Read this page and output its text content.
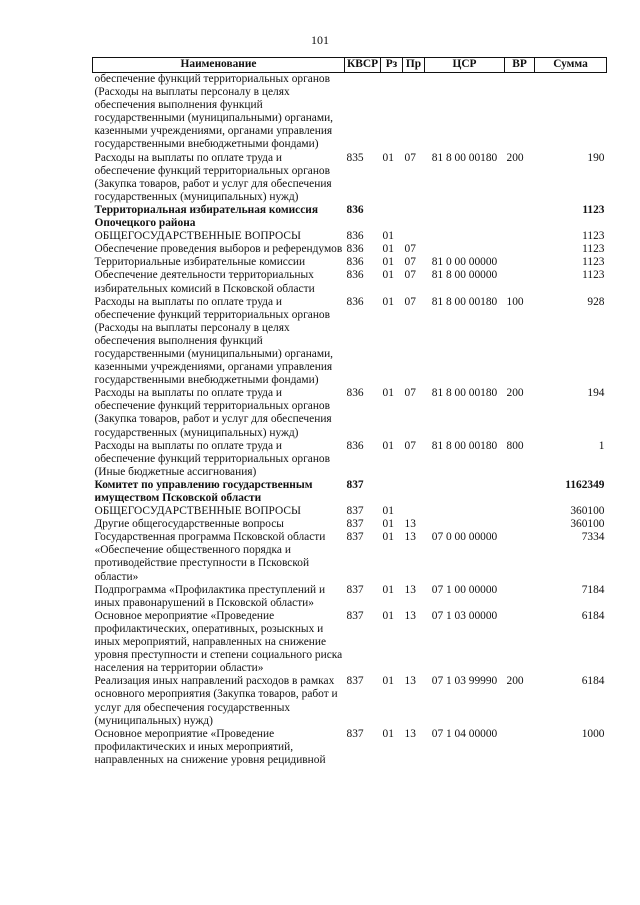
101
Наименование	КВСР	Рз	Пр	ЦСР	ВР	Сумма
обеспечение функций территориальных органов (Расходы на выплаты персоналу в целях обеспечения выполнения функций государственными (муниципальными) органами, казенными учреждениями, органами управления государственными внебюджетными фондами)						
Расходы на выплаты по оплате труда и обеспечение функций территориальных органов (Закупка товаров, работ и услуг для обеспечения государственных (муниципальных) нужд)	835	01	07	81 8 00 00180	200	190
Территориальная избирательная комиссия Опочецкого района	836					1123
ОБЩЕГОСУДАРСТВЕННЫЕ ВОПРОСЫ	836	01				1123
Обеспечение проведения выборов и референдумов	836	01	07			1123
Территориальные избирательные комиссии	836	01	07	81 0 00 00000		1123
Обеспечение деятельности территориальных избирательных комисий в Псковской области	836	01	07	81 8 00 00000		1123
Расходы на выплаты по оплате труда и обеспечение функций территориальных органов (Расходы на выплаты персоналу в целях обеспечения выполнения функций государственными (муниципальными) органами, казенными учреждениями, органами управления государственными внебюджетными фондами)	836	01	07	81 8 00 00180	100	928
Расходы на выплаты по оплате труда и обеспечение функций территориальных органов (Закупка товаров, работ и услуг для обеспечения государственных (муниципальных) нужд)	836	01	07	81 8 00 00180	200	194
Расходы на выплаты по оплате труда и обеспечение функций территориальных органов (Иные бюджетные ассигнования)	836	01	07	81 8 00 00180	800	1
Комитет по управлению государственным имуществом Псковской области	837					1162349
ОБЩЕГОСУДАРСТВЕННЫЕ ВОПРОСЫ	837	01				360100
Другие общегосударственные вопросы	837	01	13			360100
Государственная программа Псковской области «Обеспечение общественного порядка и противодействие преступности в Псковской области»	837	01	13	07 0 00 00000		7334
Подпрограмма «Профилактика преступлений и иных правонарушений в Псковской области»	837	01	13	07 1 00 00000		7184
Основное мероприятие «Проведение профилактических, оперативных, розыскных и иных мероприятий, направленных на снижение уровня преступности и степени социального риска населения на территории области»	837	01	13	07 1 03 00000		6184
Реализация иных направлений расходов в рамках основного мероприятия (Закупка товаров, работ и услуг для обеспечения государственных (муниципальных) нужд)	837	01	13	07 1 03 99990	200	6184
Основное мероприятие «Проведение профилактических и иных мероприятий, направленных на снижение уровня рецидивной	837	01	13	07 1 04 00000		1000
